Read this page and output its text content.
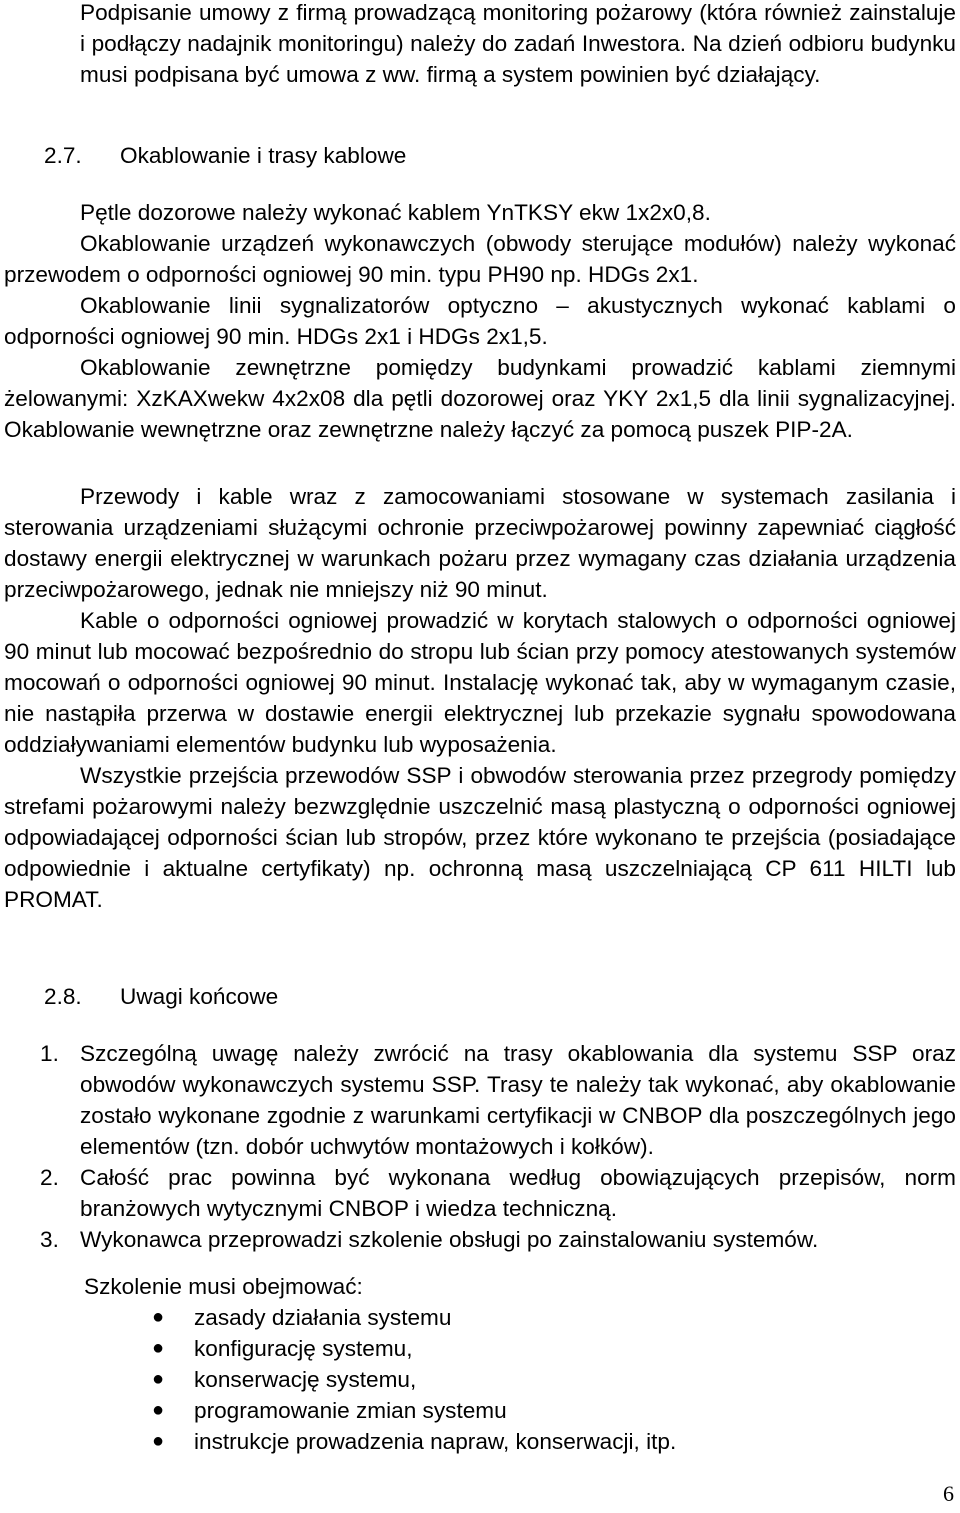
Podpisanie umowy z firmą prowadzącą monitoring pożarowy (która również zainstaluje i podłączy nadajnik monitoringu) należy do zadań Inwestora. Na dzień odbioru budynku musi podpisana być umowa z ww. firmą a system powinien być działający.

2.7. Okablowanie i trasy kablowe

Pętle dozorowe należy wykonać kablem YnTKSY ekw 1x2x0,8.

Okablowanie urządzeń wykonawczych (obwody sterujące modułów) należy wykonać przewodem o odporności ogniowej 90 min. typu PH90 np. HDGs 2x1.

Okablowanie linii sygnalizatorów optyczno – akustycznych wykonać kablami o odporności ogniowej 90 min. HDGs 2x1 i HDGs 2x1,5.

Okablowanie zewnętrzne pomiędzy budynkami prowadzić kablami ziemnymi żelowanymi: XzKAXwekw 4x2x08 dla pętli dozorowej oraz YKY 2x1,5 dla linii sygnalizacyjnej. Okablowanie wewnętrzne oraz zewnętrzne należy łączyć za pomocą puszek PIP-2A.

Przewody i kable wraz z zamocowaniami stosowane w systemach zasilania i sterowania urządzeniami służącymi ochronie przeciwpożarowej powinny zapewniać ciągłość dostawy energii elektrycznej w warunkach pożaru przez wymagany czas działania urządzenia przeciwpożarowego, jednak nie mniejszy niż 90 minut.

Kable o odporności ogniowej prowadzić w korytach stalowych o odporności ogniowej 90 minut lub mocować bezpośrednio do stropu lub ścian przy pomocy atestowanych systemów mocowań o odporności ogniowej 90 minut. Instalację wykonać tak, aby w wymaganym czasie, nie nastąpiła przerwa w dostawie energii elektrycznej lub przekazie sygnału spowodowana oddziaływaniami elementów budynku lub wyposażenia.

Wszystkie przejścia przewodów SSP i obwodów sterowania przez przegrody pomiędzy strefami pożarowymi należy bezwzględnie uszczelnić masą plastyczną o odporności ogniowej odpowiadającej odporności ścian lub stropów, przez które wykonano te przejścia (posiadające odpowiednie i aktualne certyfikaty) np. ochronną masą uszczelniającą CP 611 HILTI lub PROMAT.

2.8. Uwagi końcowe
1. Szczególną uwagę należy zwrócić na trasy okablowania dla systemu SSP oraz obwodów wykonawczych systemu SSP. Trasy te należy tak wykonać, aby okablowanie zostało wykonane zgodnie z warunkami certyfikacji w CNBOP dla poszczególnych jego elementów (tzn. dobór uchwytów montażowych i kołków).
2. Całość prac powinna być wykonana według obowiązujących przepisów, norm branżowych wytycznymi CNBOP i wiedza techniczną.
3. Wykonawca przeprowadzi szkolenie obsługi po zainstalowaniu systemów.

Szkolenie musi obejmować:

●	zasady działania systemu
●	konfigurację systemu,
●	konserwację systemu,
●	programowanie zmian systemu
●	instrukcje prowadzenia napraw, konserwacji, itp.
6
